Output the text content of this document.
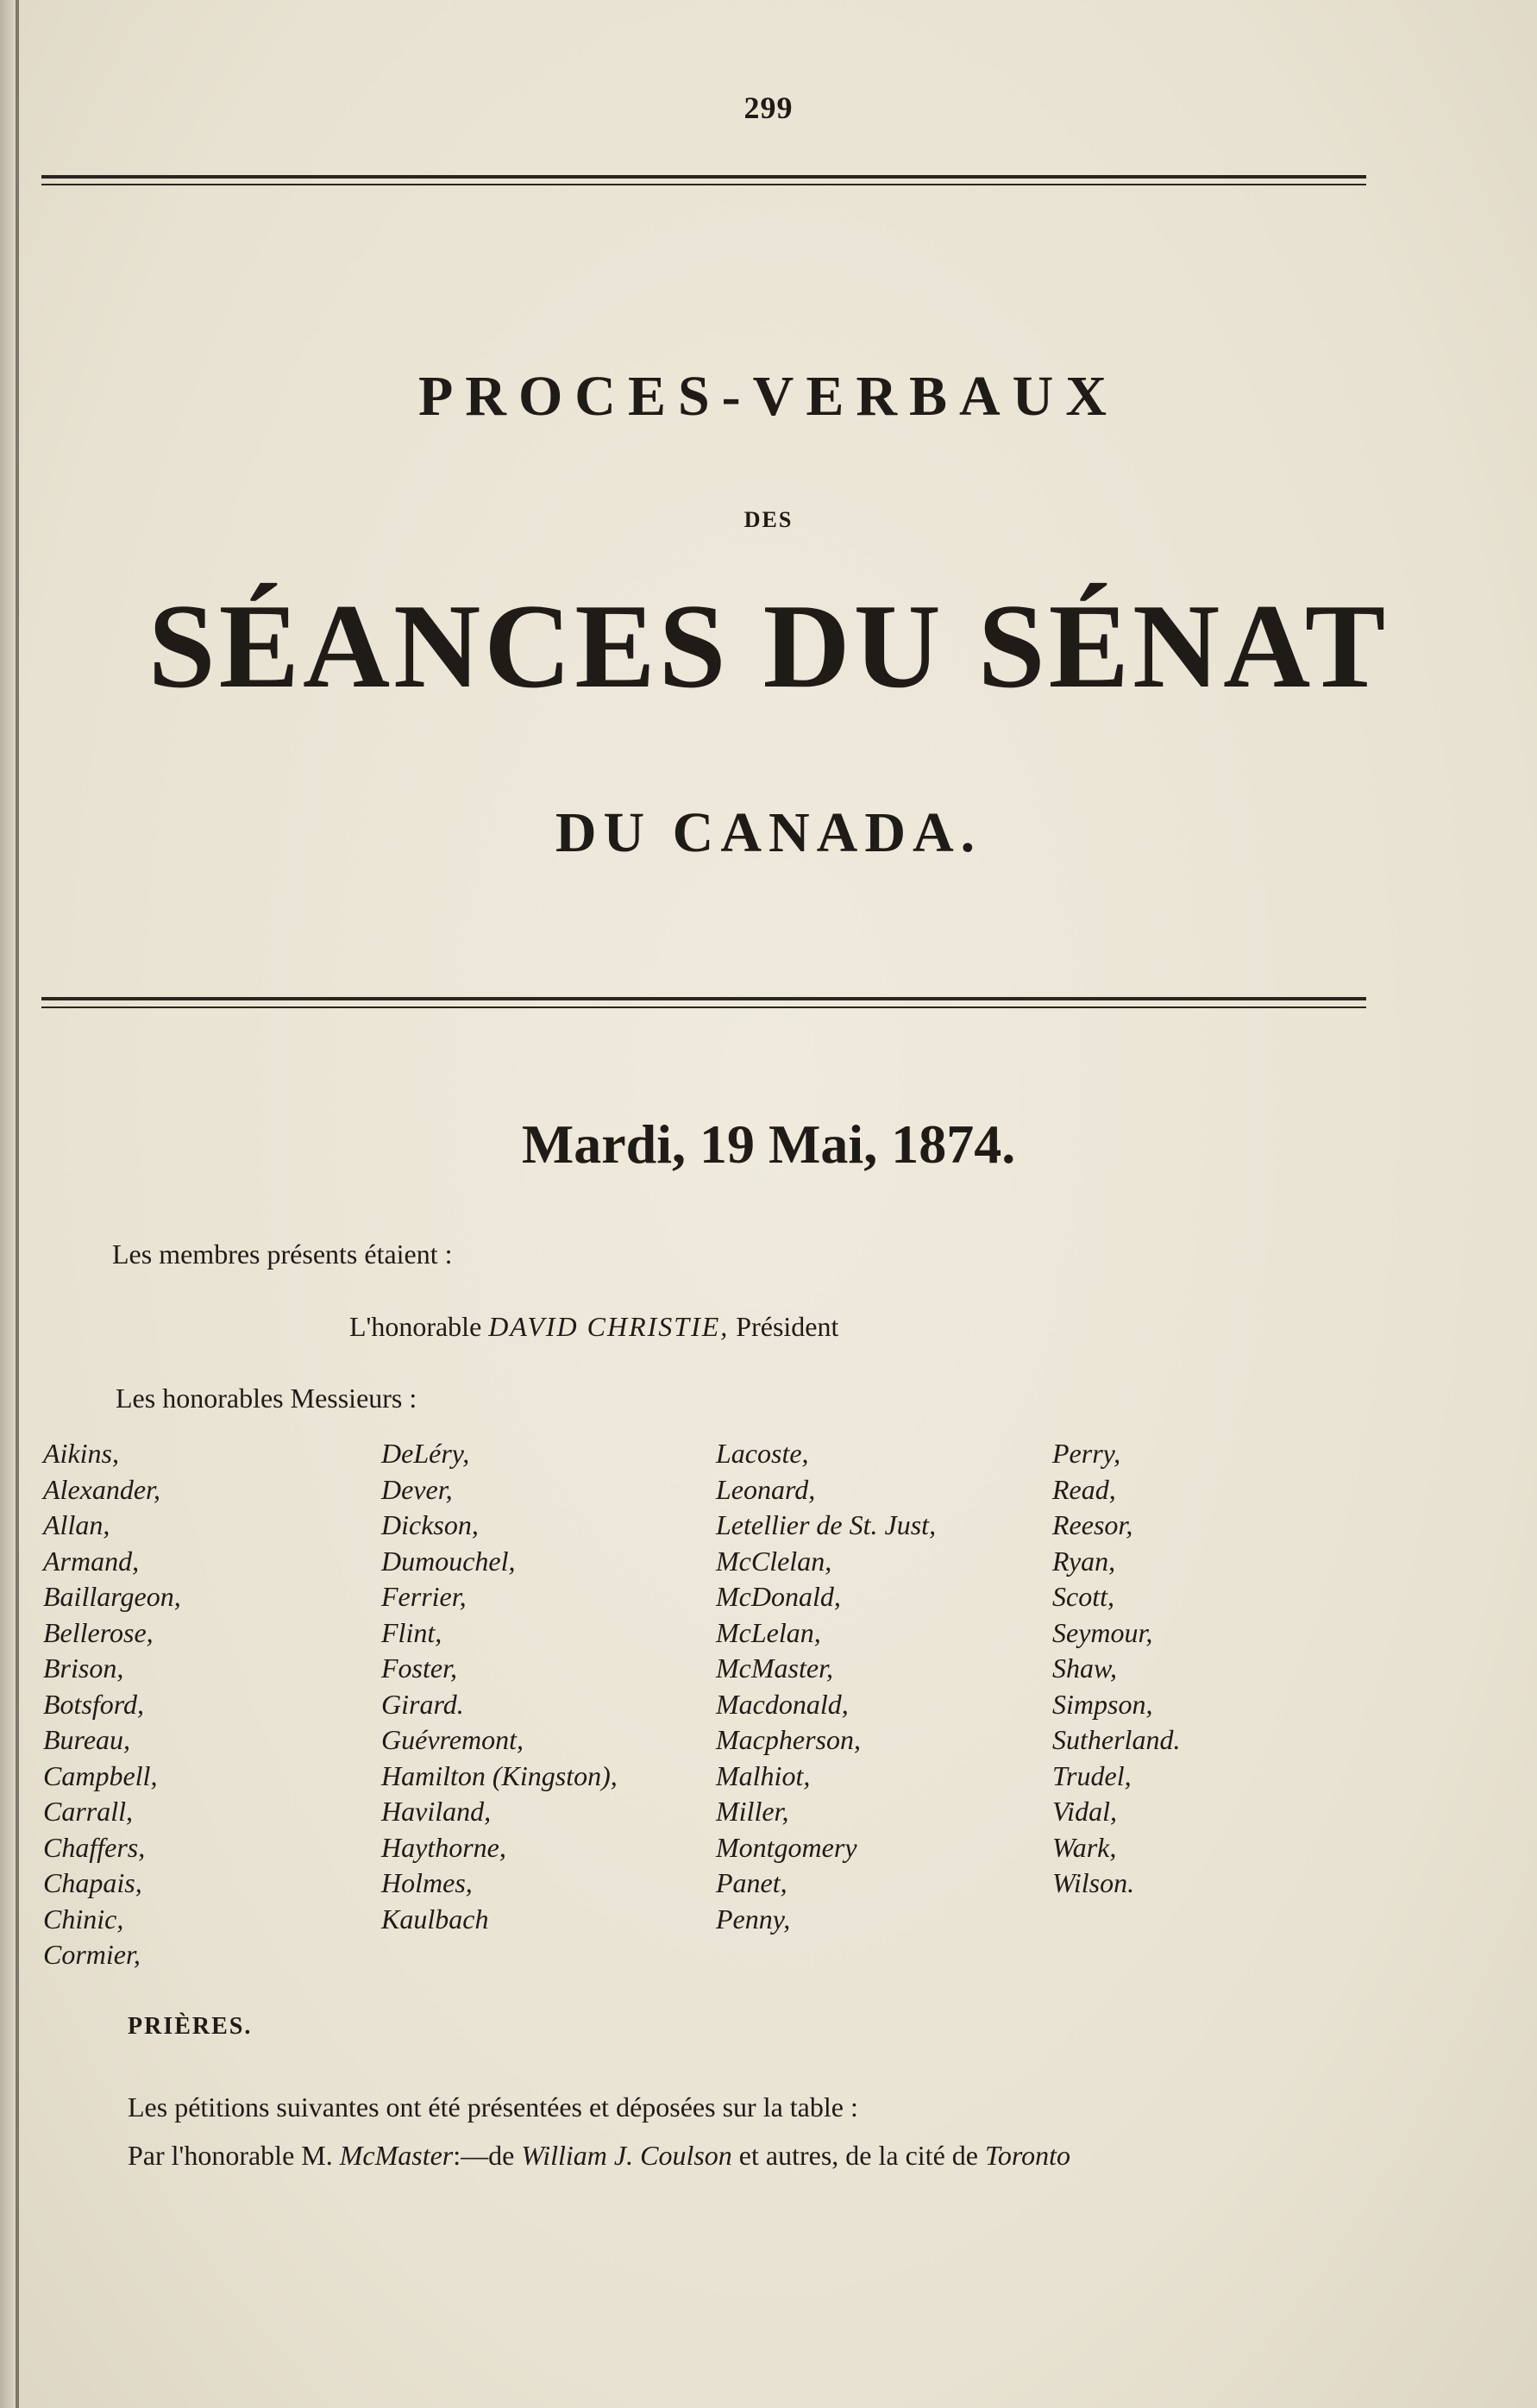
299
PROCES-VERBAUX
DES
SÉANCES DU SÉNAT
DU CANADA.
Mardi, 19 Mai, 1874.
Les membres présents étaient :
L'honorable DAVID CHRISTIE, Président
Les honorables Messieurs :
Aikins,
Alexander,
Allan,
Armand,
Baillargeon,
Bellerose,
Brison,
Botsford,
Bureau,
Campbell,
Carrall,
Chaffers,
Chapais,
Chinic,
Cormier,
DeLéry,
Dever,
Dickson,
Dumouchel,
Ferrier,
Flint,
Foster,
Girard.
Guévremont,
Hamilton (Kingston),
Haviland,
Haythorne,
Holmes,
Kaulbach
Lacoste,
Leonard,
Letellier de St. Just,
McClelan,
McDonald,
McLelan,
McMaster,
Macdonald,
Macpherson,
Malhiot,
Miller,
Montgomery
Panet,
Penny,
Perry,
Read,
Reesor,
Ryan,
Scott,
Seymour,
Shaw,
Simpson,
Sutherland.
Trudel,
Vidal,
Wark,
Wilson.
PRIÈRES.
Les pétitions suivantes ont été présentées et déposées sur la table :
Par l'honorable M. McMaster:—de William J. Coulson et autres, de la cité de Toronto
